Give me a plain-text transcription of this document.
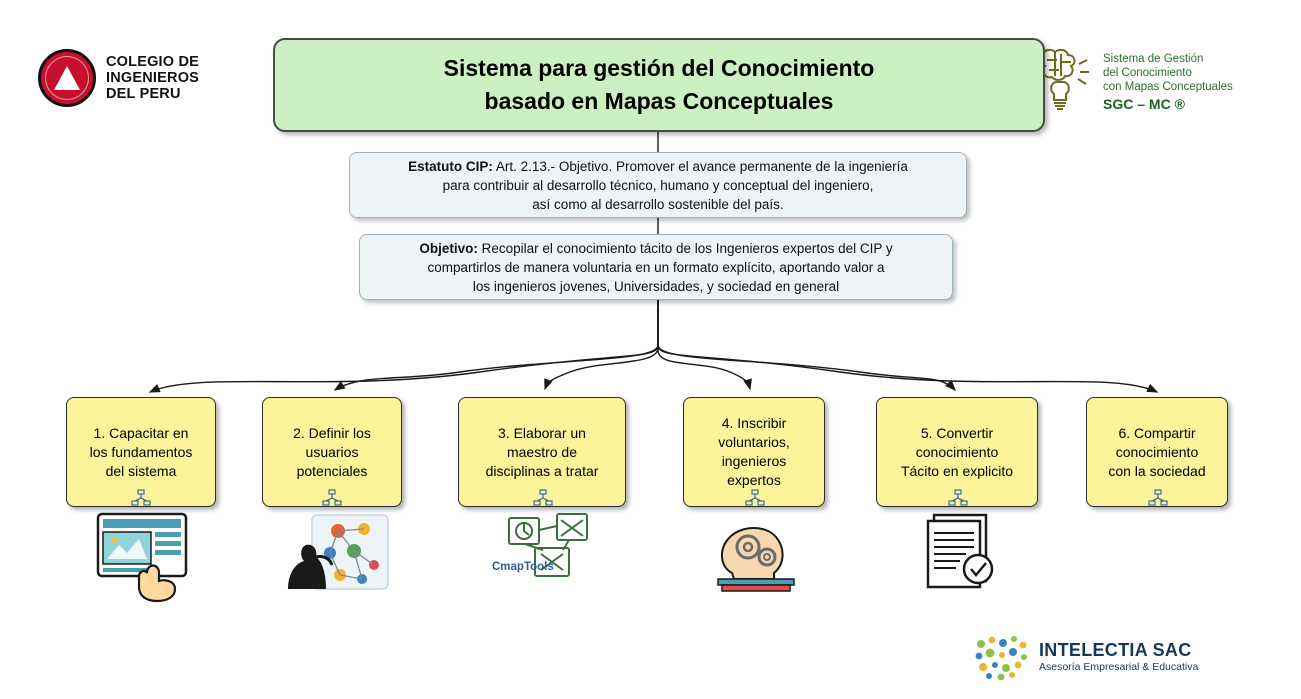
COLEGIO DE
INGENIEROS
DEL PERU
Sistema de Gestión
del Conocimiento
con Mapas Conceptuales
SGC – MC ®
Sistema para gestión del Conocimiento
basado en Mapas Conceptuales
Estatuto CIP: Art. 2.13.- Objetivo. Promover el avance permanente de la ingeniería
para contribuir al desarrollo técnico, humano y conceptual del ingeniero,
así como al desarrollo sostenible del país.
Objetivo: Recopilar el conocimiento tácito de los Ingenieros expertos del CIP y
compartirlos de manera voluntaria en un formato explícito, aportando valor a
los ingenieros jovenes, Universidades, y sociedad en general
1. Capacitar en
los fundamentos
del sistema
2. Definir los
usuarios
potenciales
3. Elaborar un
maestro de
disciplinas a tratar
4. Inscribir
voluntarios,
ingenieros
expertos
5. Convertir
conocimiento
Tácito en explicito
6. Compartir
conocimiento
con la sociedad
CmapTools
INTELECTIA SAC
Asesoría Empresarial & Educativa
